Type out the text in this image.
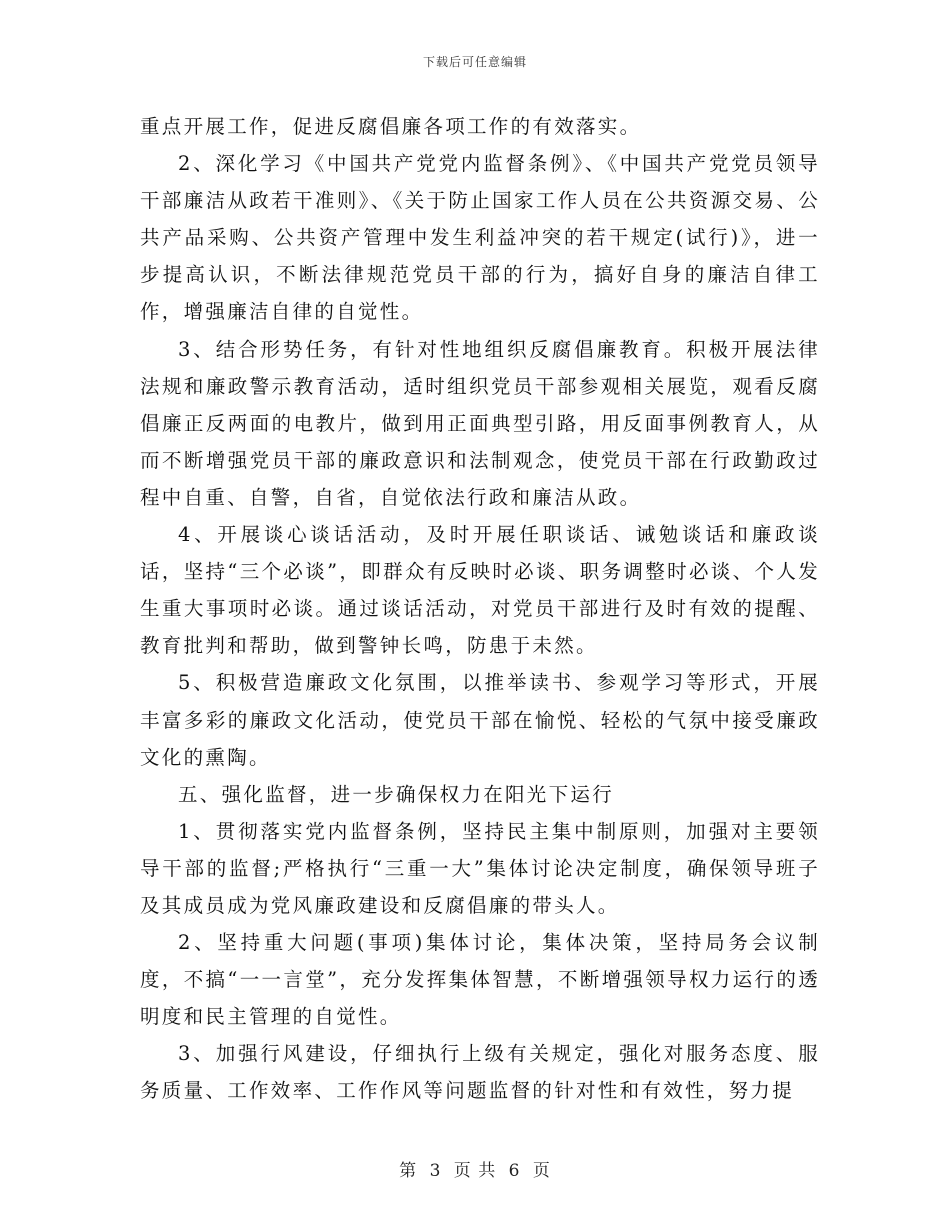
下载后可任意编辑

重点开展工作，促进反腐倡廉各项工作的有效落实。

2、深化学习《中国共产党党内监督条例》、《中国共产党党员领导干部廉洁从政若干准则》、《关于防止国家工作人员在公共资源交易、公共产品采购、公共资产管理中发生利益冲突的若干规定(试行)》，进一步提高认识，不断法律规范党员干部的行为，搞好自身的廉洁自律工作，增强廉洁自律的自觉性。

3、结合形势任务，有针对性地组织反腐倡廉教育。积极开展法律法规和廉政警示教育活动，适时组织党员干部参观相关展览，观看反腐倡廉正反两面的电教片，做到用正面典型引路，用反面事例教育人，从而不断增强党员干部的廉政意识和法制观念，使党员干部在行政勤政过程中自重、自警，自省，自觉依法行政和廉洁从政。

4、开展谈心谈话活动，及时开展任职谈话、诫勉谈话和廉政谈话，坚持“三个必谈”，即群众有反映时必谈、职务调整时必谈、个人发生重大事项时必谈。通过谈话活动，对党员干部进行及时有效的提醒、教育批判和帮助，做到警钟长鸣，防患于未然。

5、积极营造廉政文化氛围，以推举读书、参观学习等形式，开展丰富多彩的廉政文化活动，使党员干部在愉悦、轻松的气氛中接受廉政文化的熏陶。

五、强化监督，进一步确保权力在阳光下运行

1、贯彻落实党内监督条例，坚持民主集中制原则，加强对主要领导干部的监督;严格执行“三重一大”集体讨论决定制度，确保领导班子及其成员成为党风廉政建设和反腐倡廉的带头人。

2、坚持重大问题(事项)集体讨论，集体决策，坚持局务会议制度，不搞“一一言堂”，充分发挥集体智慧，不断增强领导权力运行的透明度和民主管理的自觉性。

3、加强行风建设，仔细执行上级有关规定，强化对服务态度、服务质量、工作效率、工作作风等问题监督的针对性和有效性，努力提

第 3 页 共 6 页
